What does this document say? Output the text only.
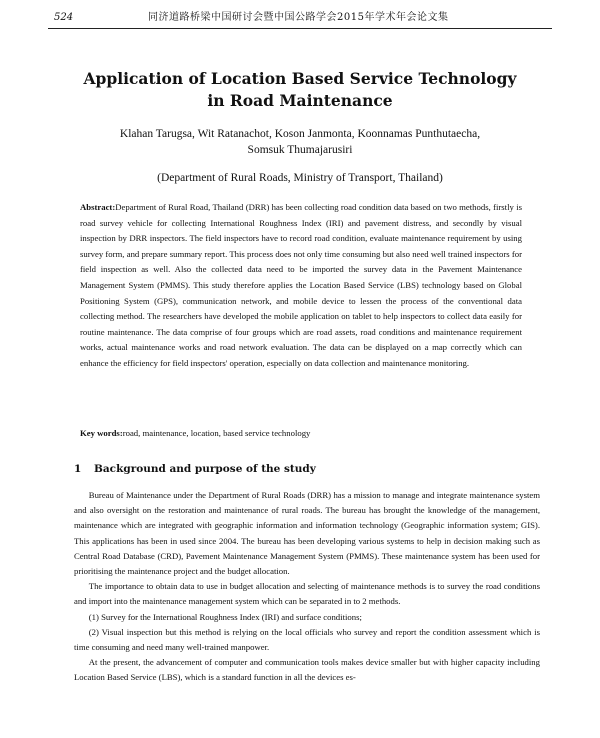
524	同济道路桥梁中国研讨会暨中国公路学会2015年学术年会论文集
Application of Location Based Service Technology
in Road Maintenance
Klahan Tarugsa, Wit Ratanachot, Koson Janmonta, Koonnamas Punthutaecha,
Somsuk Thumajarusiri
(Department of Rural Roads, Ministry of Transport, Thailand)

Abstract:Department of Rural Road, Thailand (DRR) has been collecting road condition data based on two methods, firstly is road survey vehicle for collecting International Roughness Index (IRI) and pavement distress, and secondly by visual inspection by DRR inspectors. The field inspectors have to record road condition, evaluate maintenance requirement by using survey form, and prepare summary report. This process does not only time consuming but also need well trained inspectors for field inspection as well. Also the collected data need to be imported the survey data in the Pavement Maintenance Management System (PMMS). This study therefore applies the Location Based Service (LBS) technology based on Global Positioning System (GPS), communication network, and mobile device to lessen the process of the conventional data collecting method. The researchers have developed the mobile application on tablet to help inspectors to collect data easily for routine maintenance. The data comprise of four groups which are road assets, road conditions and maintenance requirement works, actual maintenance works and road network evaluation. The data can be displayed on a map correctly which can enhance the efficiency for field inspectors' operation, especially on data collection and maintenance monitoring.

Key words:road, maintenance, location, based service technology

1 Background and purpose of the study

Bureau of Maintenance under the Department of Rural Roads (DRR) has a mission to manage and integrate maintenance system and also oversight on the restoration and maintenance of rural roads. The bureau has brought the knowledge of the management, maintenance which are integrated with geographic information and information technology (Geographic information system; GIS). This applications has been in used since 2004. The bureau has been developing various systems to help in decision making such as Central Road Database (CRD), Pavement Maintenance Management System (PMMS). These maintenance system has been used for prioritising the maintenance project and the budget allocation.

The importance to obtain data to use in budget allocation and selecting of maintenance methods is to survey the road conditions and import into the maintenance management system which can be separated in to 2 methods.

(1) Survey for the International Roughness Index (IRI) and surface conditions;

(2) Visual inspection but this method is relying on the local officials who survey and report the condition assessment which is time consuming and need many well-trained manpower.

At the present, the advancement of computer and communication tools makes device smaller but with higher capacity including Location Based Service (LBS), which is a standard function in all the devices es-
